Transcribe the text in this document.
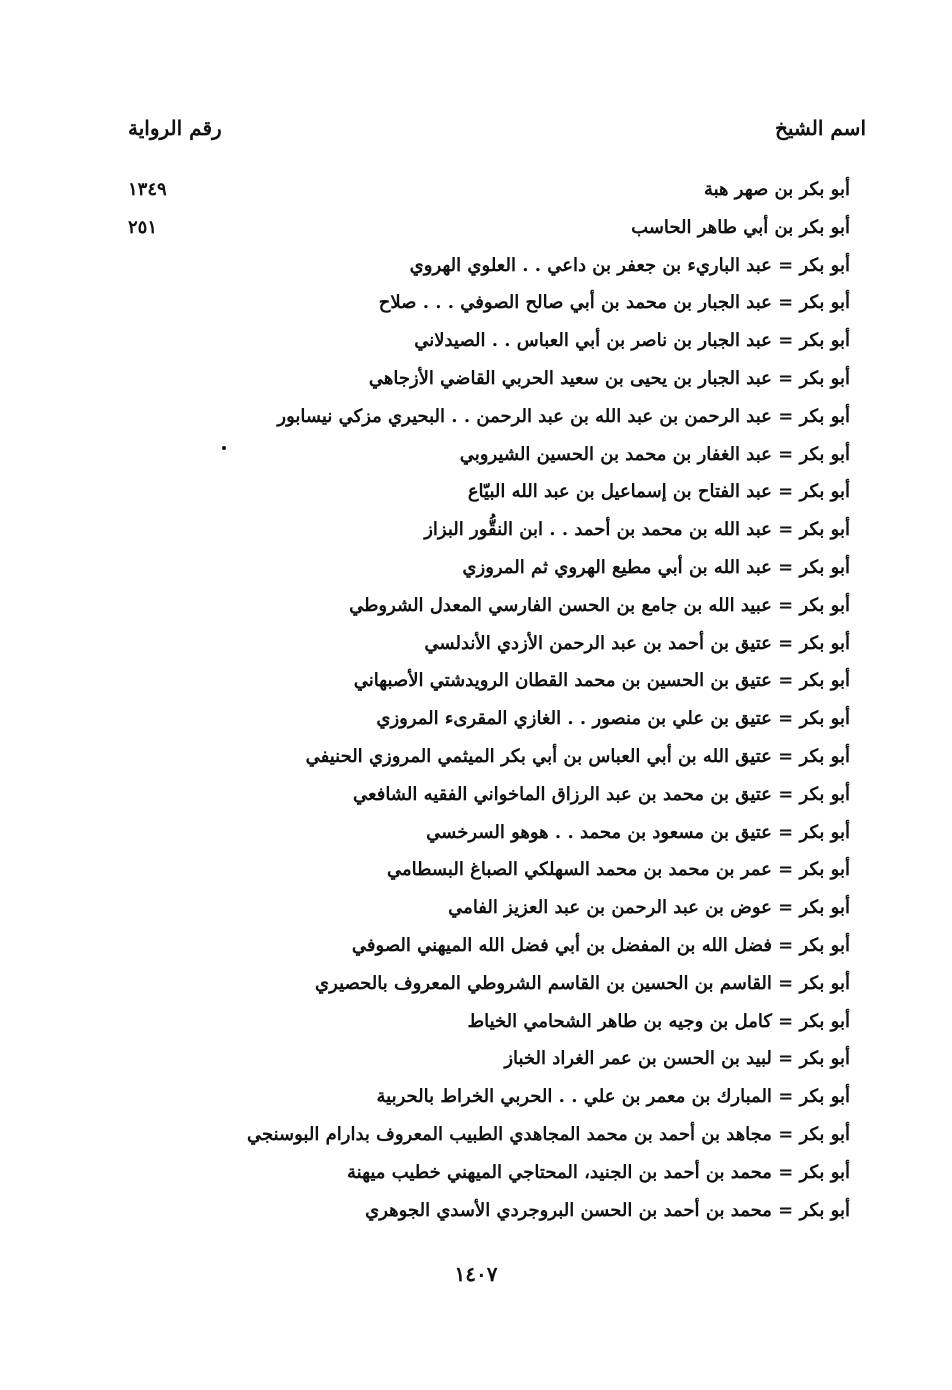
اسم الشيخ
رقم الرواية
أبو بكر بن صهر هبة
أبو بكر بن أبي طاهر الحاسب
أبو بكر = عبد الباريء بن جعفر بن داعي . . العلوي الهروي
أبو بكر = عبد الجبار بن محمد بن أبي صالح الصوفي . . . صلاح
أبو بكر = عبد الجبار بن ناصر بن أبي العباس . . الصيدلاني
أبو بكر = عبد الجبار بن يحيى بن سعيد الحربي القاضي الأزجاهي
أبو بكر = عبد الرحمن بن عبد الله بن عبد الرحمن . . البحيري مزكي نيسابور
أبو بكر = عبد الغفار بن محمد بن الحسين الشيروبي
أبو بكر = عبد الفتاح بن إسماعيل بن عبد الله البيّاع
أبو بكر = عبد الله بن محمد بن أحمد . . ابن النقُّور البزاز
أبو بكر = عبد الله بن أبي مطيع الهروي ثم المروزي
أبو بكر = عبيد الله بن جامع بن الحسن الفارسي المعدل الشروطي
أبو بكر = عتيق بن أحمد بن عبد الرحمن الأزدي الأندلسي
أبو بكر = عتيق بن الحسين بن محمد القطان الرويدشتي الأصبهاني
أبو بكر = عتيق بن علي بن منصور . . الغازي المقرىء المروزي
أبو بكر = عتيق الله بن أبي العباس بن أبي بكر الميثمي المروزي الحنيفي
أبو بكر = عتيق بن محمد بن عبد الرزاق الماخواني الفقيه الشافعي
أبو بكر = عتيق بن مسعود بن محمد . . هوهو السرخسي
أبو بكر = عمر بن محمد بن محمد السهلكي الصباغ البسطامي
أبو بكر = عوض بن عبد الرحمن بن عبد العزيز الفامي
أبو بكر = فضل الله بن المفضل بن أبي فضل الله الميهني الصوفي
أبو بكر = القاسم بن الحسين بن القاسم الشروطي المعروف بالحصيري
أبو بكر = كامل بن وجيه بن طاهر الشحامي الخياط
أبو بكر = لبيد بن الحسن بن عمر الغراد الخباز
أبو بكر = المبارك بن معمر بن علي . . الحربي الخراط بالحربية
أبو بكر = مجاهد بن أحمد بن محمد المجاهدي الطبيب المعروف بدارام البوسنجي
أبو بكر = محمد بن أحمد بن الجنيد، المحتاجي الميهني خطيب ميهنة
أبو بكر = محمد بن أحمد بن الحسن البروجردي الأسدي الجوهري
١٣٤٩
٢٥١
١٤٠٧
